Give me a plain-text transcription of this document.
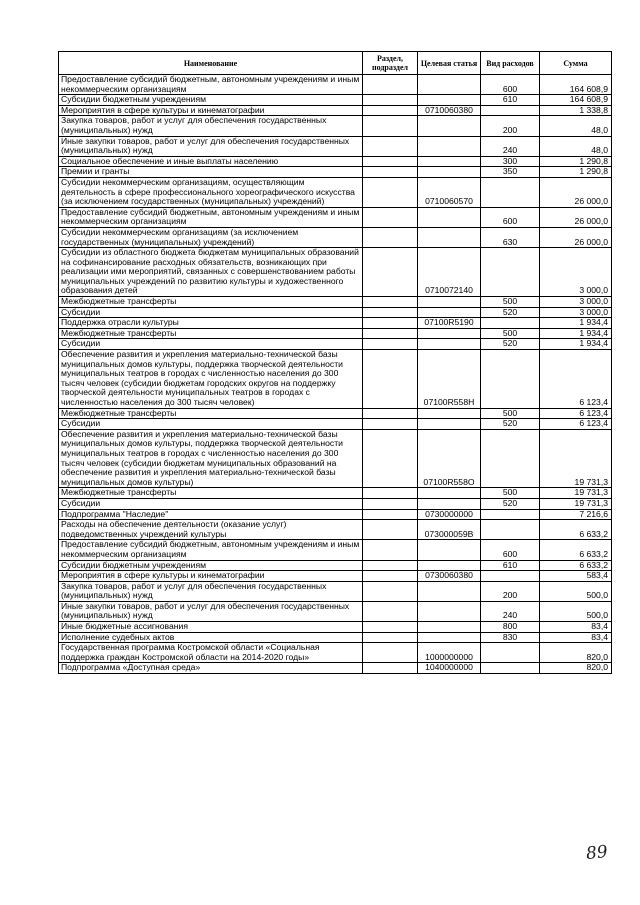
Наименование	Раздел, подраздел	Целевая статья	Вид расходов	Сумма
Предоставление субсидий бюджетным, автономным учреждениям и иным некоммерческим организациям			600	164 608,9
Субсидии бюджетным учреждениям			610	164 608,9
Мероприятия в сфере культуры и кинематографии		0710060380		1 338,8
Закупка товаров, работ и услуг для обеспечения государственных (муниципальных) нужд			200	48,0
Иные закупки товаров, работ и услуг для обеспечения государственных (муниципальных) нужд			240	48,0
Социальное обеспечение и иные выплаты населению			300	1 290,8
Премии и гранты			350	1 290,8
Субсидии некоммерческим организациям, осуществляющим деятельность в сфере профессионального хореографического искусства (за исключением государственных (муниципальных) учреждений)		0710060570		26 000,0
Предоставление субсидий бюджетным, автономным учреждениям и иным некоммерческим организациям			600	26 000,0
Субсидии некоммерческим организациям (за исключением государственных (муниципальных) учреждений)			630	26 000,0
Субсидии из областного бюджета бюджетам муниципальных образований на софинансирование расходных обязательств, возникающих при реализации ими мероприятий, связанных с совершенствованием работы муниципальных учреждений по развитию культуры и художественного образования детей		0710072140		3 000,0
Межбюджетные трансферты			500	3 000,0
Субсидии			520	3 000,0
Поддержка отрасли культуры		07100R5190		1 934,4
Межбюджетные трансферты			500	1 934,4
Субсидии			520	1 934,4
Обеспечение развития и укрепления материально-технической базы муниципальных домов культуры, поддержка творческой деятельности муниципальных театров в городах с численностью населения до 300 тысяч человек (субсидии бюджетам городских округов на поддержку творческой деятельности муниципальных театров в городах с численностью населения до 300 тысяч человек)		07100R558Н		6 123,4
Межбюджетные трансферты			500	6 123,4
Субсидии			520	6 123,4
Обеспечение развития и укрепления материально-технической базы муниципальных домов культуры, поддержка творческой деятельности муниципальных театров в городах с численностью населения до 300 тысяч человек (субсидии бюджетам муниципальных образований на обеспечение развития и укрепления материально-технической базы муниципальных домов культуры)		07100R558О		19 731,3
Межбюджетные трансферты			500	19 731,3
Субсидии			520	19 731,3
Подпрограмма "Наследие"		0730000000		7 216,6
Расходы на обеспечение деятельности (оказание услуг) подведомственных учреждений культуры		073000059В		6 633,2
Предоставление субсидий бюджетным, автономным учреждениям и иным некоммерческим организациям			600	6 633,2
Субсидии бюджетным учреждениям			610	6 633,2
Мероприятия в сфере культуры и кинематографии		0730060380		583,4
Закупка товаров, работ и услуг для обеспечения государственных (муниципальных) нужд			200	500,0
Иные закупки товаров, работ и услуг для обеспечения государственных (муниципальных) нужд			240	500,0
Иные бюджетные ассигнования			800	83,4
Исполнение судебных актов			830	83,4
Государственная программа Костромской области «Социальная поддержка граждан Костромской области на 2014-2020 годы»		1000000000		820,0
Подпрограмма «Доступная среда»		1040000000		820,0
89
